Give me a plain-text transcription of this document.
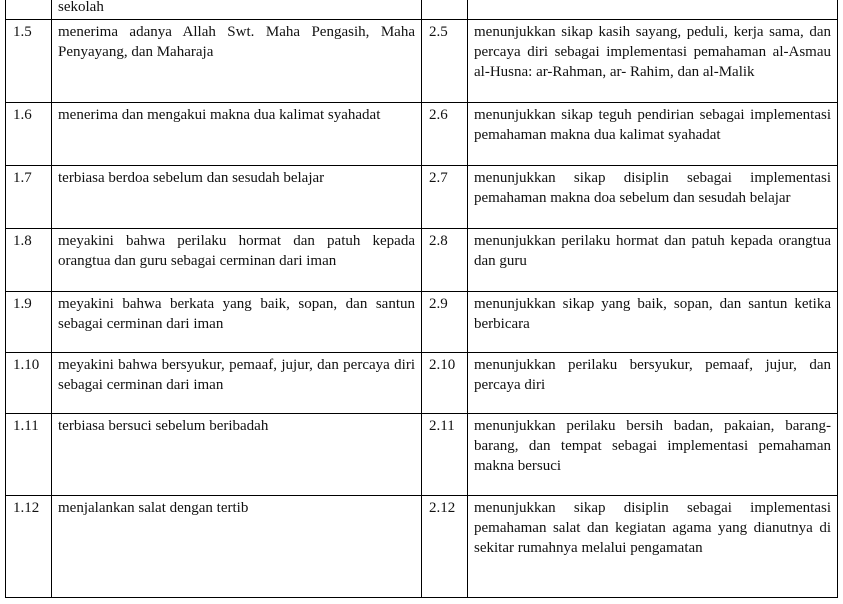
	sekolah		
1.5	menerima adanya Allah Swt. Maha Pengasih, Maha Penyayang, dan Maharaja	2.5	menunjukkan sikap kasih sayang, peduli, kerja sama, dan percaya diri sebagai implementasi pemahaman al-Asmau al-Husna: ar-Rahman, ar- Rahim, dan al-Malik
1.6	menerima dan mengakui makna dua kalimat syahadat	2.6	menunjukkan sikap teguh pendirian sebagai implementasi pemahaman makna dua kalimat syahadat
1.7	terbiasa berdoa sebelum dan sesudah belajar	2.7	menunjukkan sikap disiplin sebagai implementasi pemahaman makna doa sebelum dan sesudah belajar
1.8	meyakini bahwa perilaku hormat dan patuh kepada orangtua dan guru sebagai cerminan dari iman	2.8	menunjukkan perilaku hormat dan patuh kepada orangtua dan guru
1.9	meyakini bahwa berkata yang baik, sopan, dan santun sebagai cerminan dari iman	2.9	menunjukkan sikap yang baik, sopan, dan santun ketika berbicara
1.10	meyakini bahwa bersyukur, pemaaf, jujur, dan percaya diri sebagai cerminan dari iman	2.10	menunjukkan perilaku bersyukur, pemaaf, jujur, dan percaya diri
1.11	terbiasa bersuci sebelum beribadah	2.11	menunjukkan perilaku bersih badan, pakaian, barang-barang, dan tempat sebagai implementasi pemahaman makna bersuci
1.12	menjalankan salat dengan tertib	2.12	menunjukkan sikap disiplin sebagai implementasi pemahaman salat dan kegiatan agama yang dianutnya di sekitar rumahnya melalui pengamatan
